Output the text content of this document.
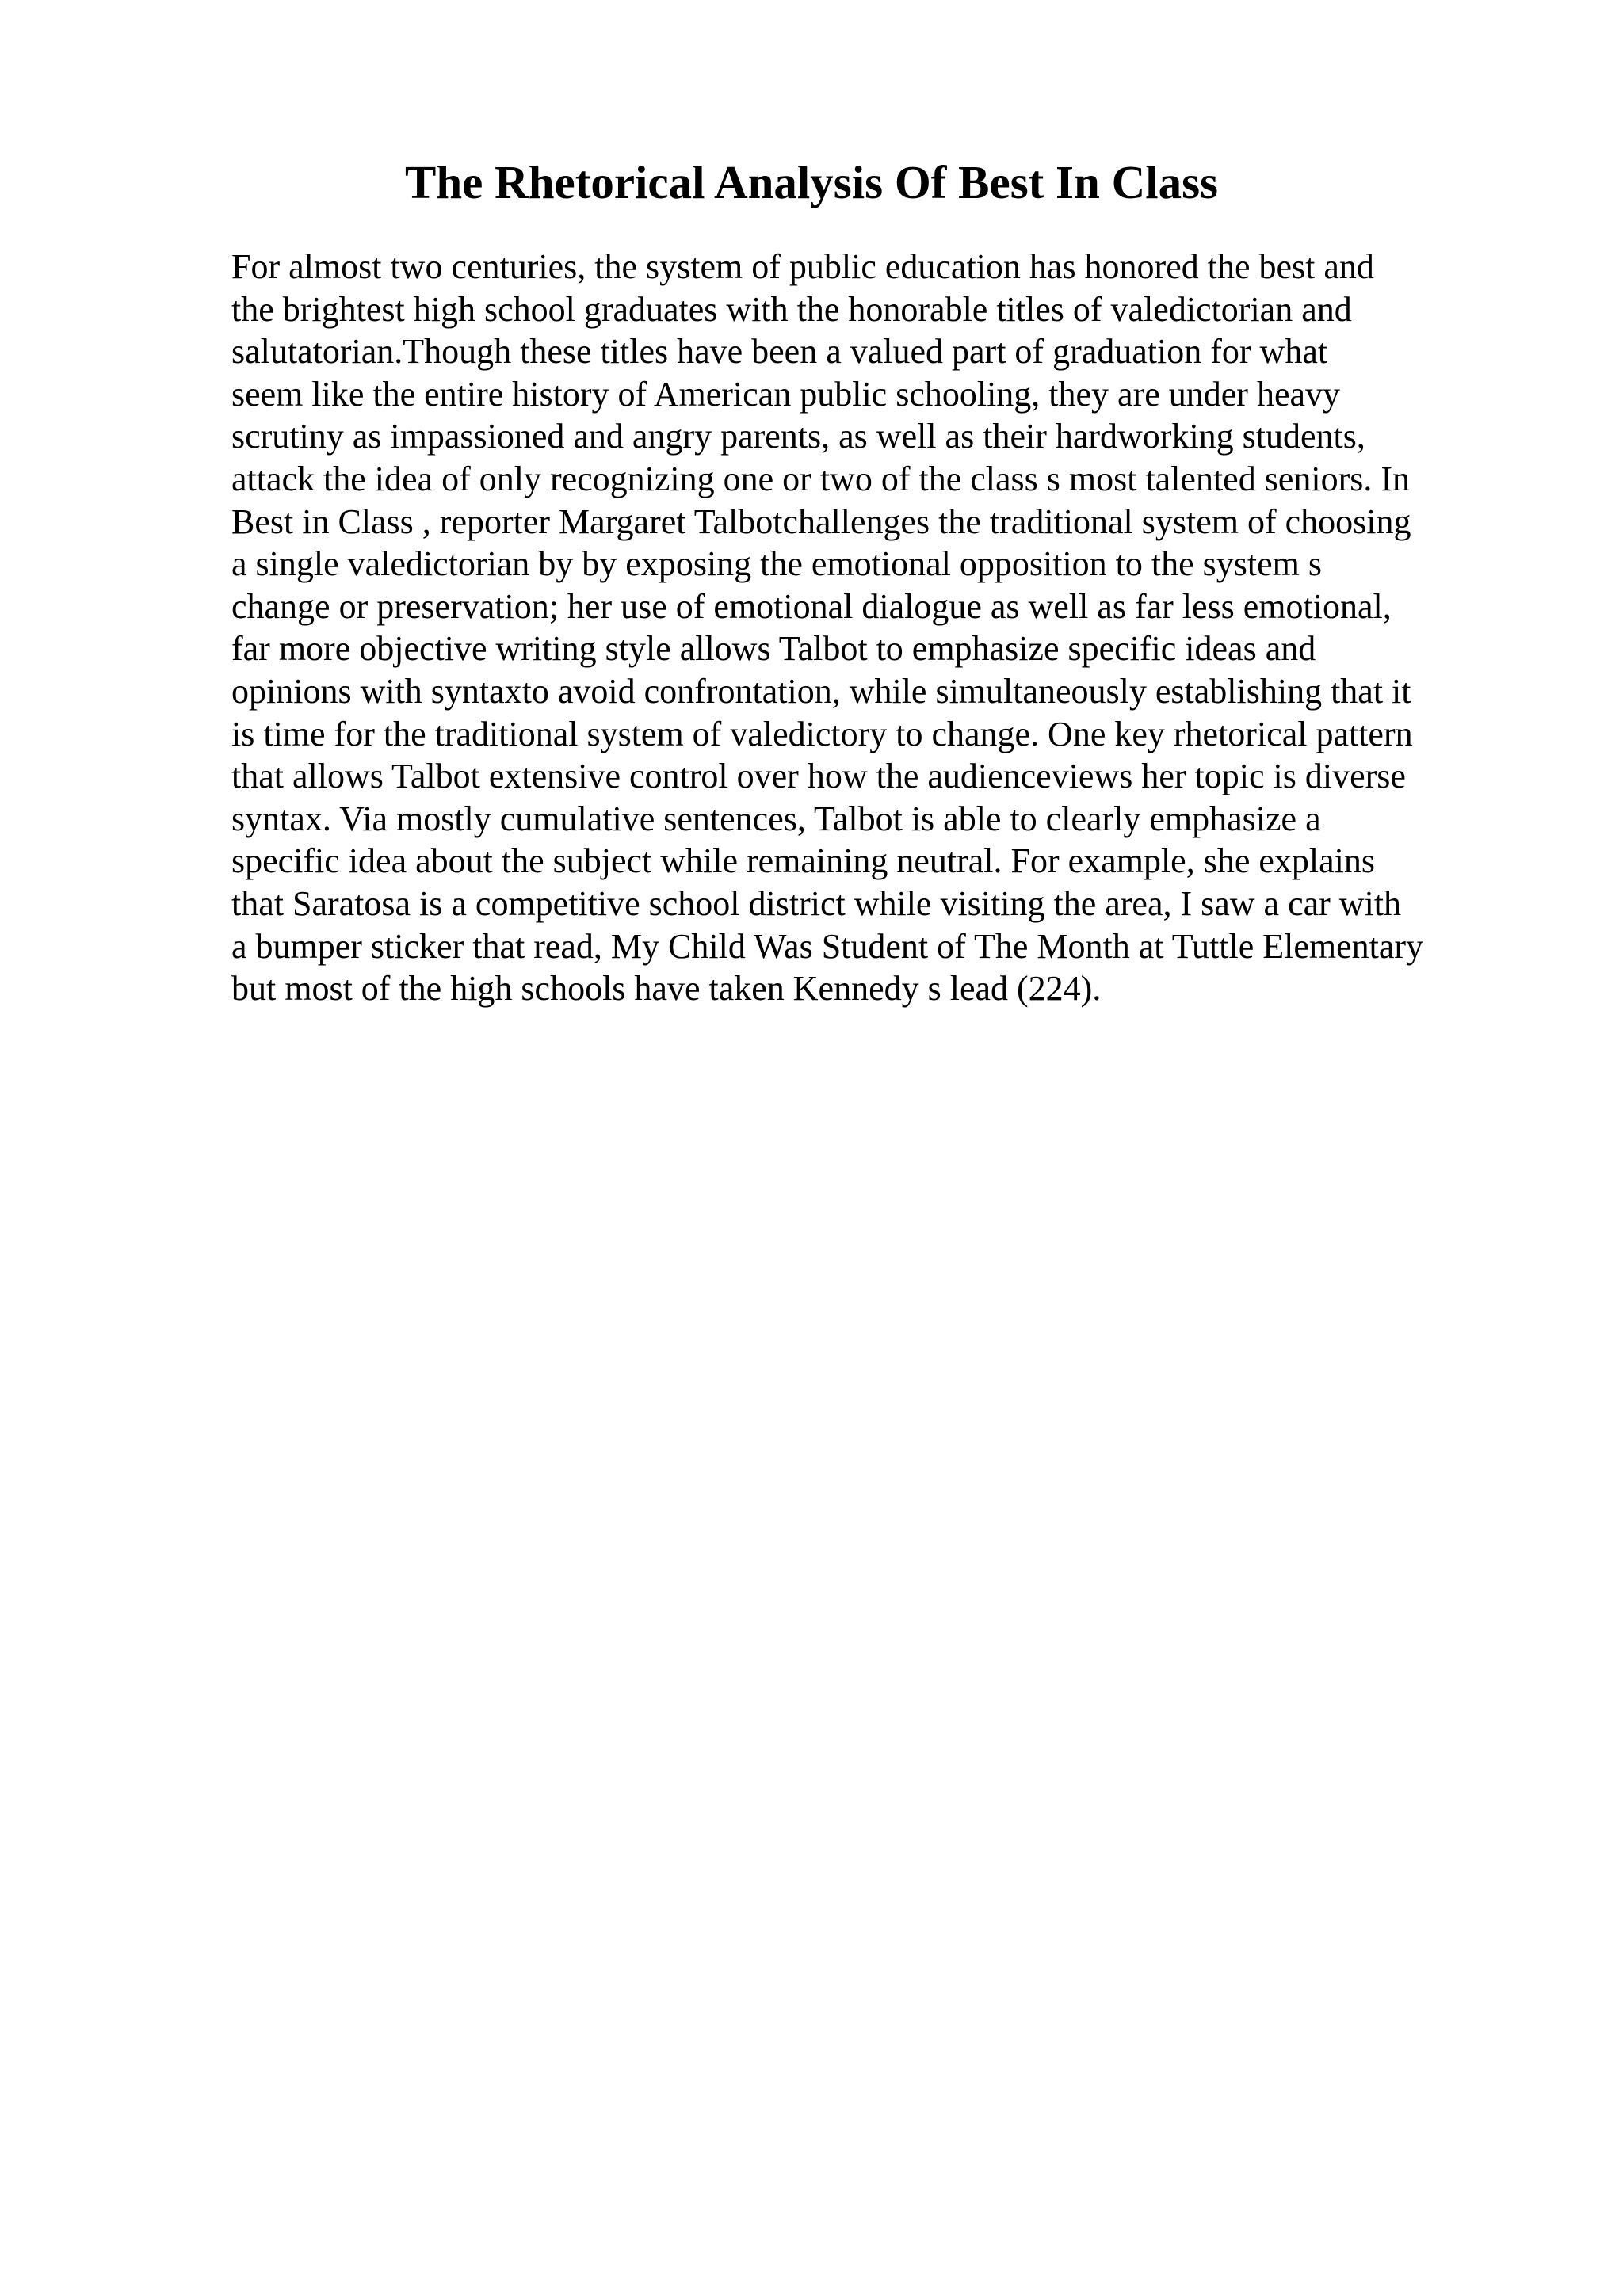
The Rhetorical Analysis Of Best In Class
For almost two centuries, the system of public education has honored the best and
the brightest high school graduates with the honorable titles of valedictorian and
salutatorian.Though these titles have been a valued part of graduation for what
seem like the entire history of American public schooling, they are under heavy
scrutiny as impassioned and angry parents, as well as their hardworking students,
attack the idea of only recognizing one or two of the class s most talented seniors. In
Best in Class , reporter Margaret Talbotchallenges the traditional system of choosing
a single valedictorian by by exposing the emotional opposition to the system s
change or preservation; her use of emotional dialogue as well as far less emotional,
far more objective writing style allows Talbot to emphasize specific ideas and
opinions with syntaxto avoid confrontation, while simultaneously establishing that it
is time for the traditional system of valedictory to change. One key rhetorical pattern
that allows Talbot extensive control over how the audienceviews her topic is diverse
syntax. Via mostly cumulative sentences, Talbot is able to clearly emphasize a
specific idea about the subject while remaining neutral. For example, she explains
that Saratosa is a competitive school district while visiting the area, I saw a car with
a bumper sticker that read, My Child Was Student of The Month at Tuttle Elementary
but most of the high schools have taken Kennedy s lead (224).
